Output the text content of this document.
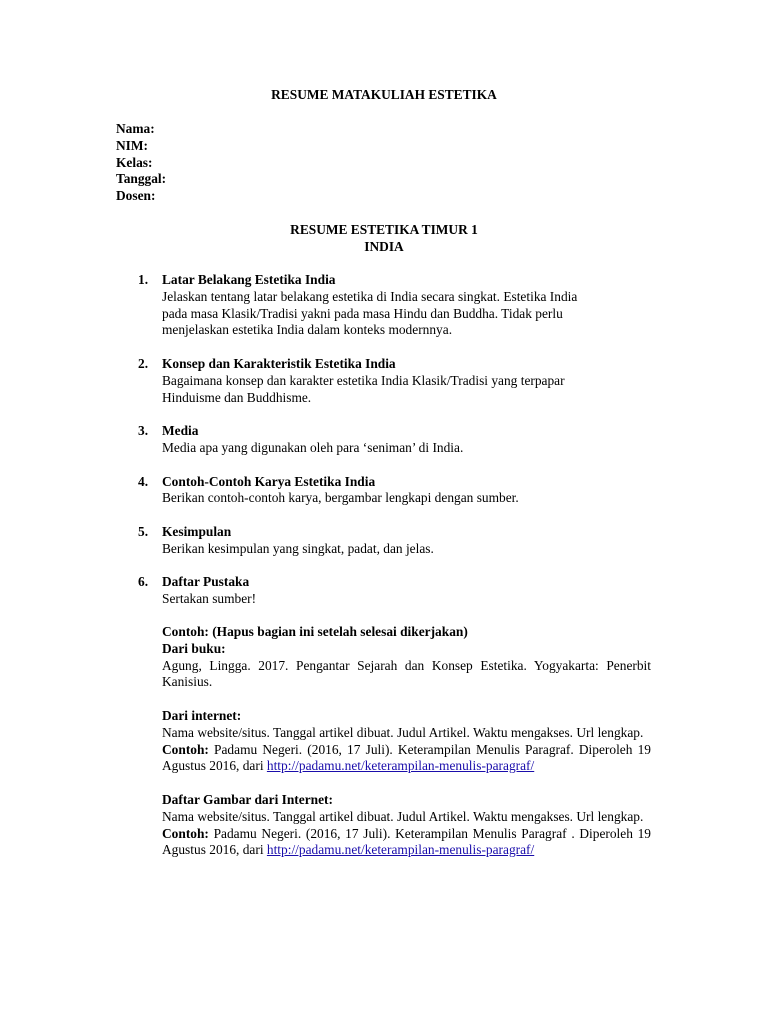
RESUME MATAKULIAH ESTETIKA
Nama:
NIM:
Kelas:
Tanggal:
Dosen:
RESUME ESTETIKA TIMUR 1
INDIA
1. Latar Belakang Estetika India
Jelaskan tentang latar belakang estetika di India secara singkat. Estetika India
pada masa Klasik/Tradisi yakni pada masa Hindu dan Buddha. Tidak perlu
menjelaskan estetika India dalam konteks modernnya.
2. Konsep dan Karakteristik Estetika India
Bagaimana konsep dan karakter estetika India Klasik/Tradisi yang terpapar
Hinduisme dan Buddhisme.
3. Media
Media apa yang digunakan oleh para ‘seniman’ di India.
4. Contoh-Contoh Karya Estetika India
Berikan contoh-contoh karya, bergambar lengkapi dengan sumber.
5. Kesimpulan
Berikan kesimpulan yang singkat, padat, dan jelas.
6. Daftar Pustaka
Sertakan sumber!
Contoh: (Hapus bagian ini setelah selesai dikerjakan)
Dari buku:
Agung, Lingga. 2017. Pengantar Sejarah dan Konsep Estetika. Yogyakarta: Penerbit Kanisius.
Dari internet:
Nama website/situs. Tanggal artikel dibuat. Judul Artikel. Waktu mengakses. Url lengkap.
Contoh: Padamu Negeri. (2016, 17 Juli). Keterampilan Menulis Paragraf. Diperoleh 19 Agustus 2016, dari http://padamu.net/keterampilan-menulis-paragraf/
Daftar Gambar dari Internet:
Nama website/situs. Tanggal artikel dibuat. Judul Artikel. Waktu mengakses. Url lengkap.
Contoh: Padamu Negeri. (2016, 17 Juli). Keterampilan Menulis Paragraf . Diperoleh 19 Agustus 2016, dari http://padamu.net/keterampilan-menulis-paragraf/
